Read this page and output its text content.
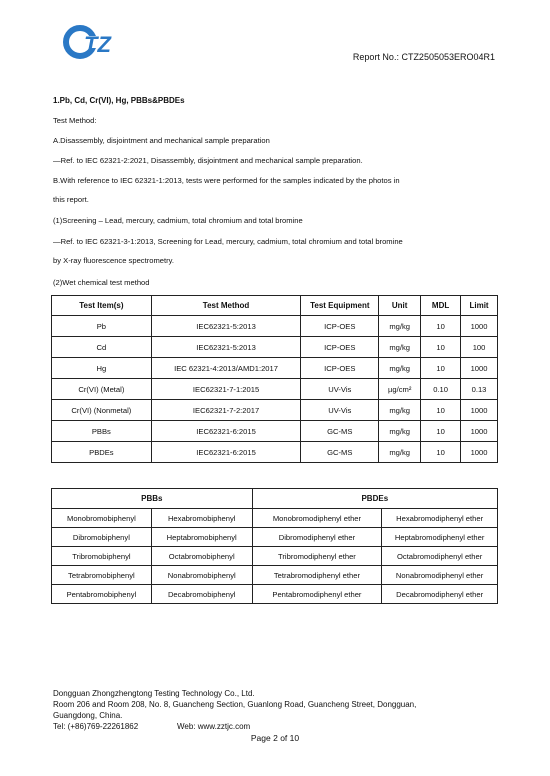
TZ	Report No.: CTZ2505053ERO04R1
1.Pb, Cd, Cr(VI), Hg, PBBs&PBDEs
Test Method:
A.Disassembly, disjointment and mechanical sample preparation
—Ref. to IEC 62321-2:2021, Disassembly, disjointment and mechanical sample preparation.
B.With reference to IEC 62321-1:2013, tests were performed for the samples indicated by the photos in
this report.
(1)Screening – Lead, mercury, cadmium, total chromium and total bromine
—Ref. to IEC 62321-3-1:2013, Screening for Lead, mercury, cadmium, total chromium and total bromine
by X-ray fluorescence spectrometry.
(2)Wet chemical test method
Test Item(s)	Test Method	Test Equipment	Unit	MDL	Limit
Pb	IEC62321-5:2013	ICP-OES	mg/kg	10	1000
Cd	IEC62321-5:2013	ICP-OES	mg/kg	10	100
Hg	IEC 62321-4:2013/AMD1:2017	ICP-OES	mg/kg	10	1000
Cr(VI) (Metal)	IEC62321-7-1:2015	UV-Vis	µg/cm²	0.10	0.13
Cr(VI) (Nonmetal)	IEC62321-7-2:2017	UV-Vis	mg/kg	10	1000
PBBs	IEC62321-6:2015	GC-MS	mg/kg	10	1000
PBDEs	IEC62321-6:2015	GC-MS	mg/kg	10	1000
PBBs		PBDEs	
Monobromobiphenyl	Hexabromobiphenyl	Monobromodiphenyl ether	Hexabromodiphenyl ether
Dibromobiphenyl	Heptabromobiphenyl	Dibromodiphenyl ether	Heptabromodiphenyl ether
Tribromobiphenyl	Octabromobiphenyl	Tribromodiphenyl ether	Octabromodiphenyl ether
Tetrabromobiphenyl	Nonabromobiphenyl	Tetrabromodiphenyl ether	Nonabromodiphenyl ether
Pentabromobiphenyl	Decabromobiphenyl	Pentabromodiphenyl ether	Decabromodiphenyl ether
Dongguan Zhongzhengtong Testing Technology Co., Ltd.
Room 206 and Room 208, No. 8, Guancheng Section, Guanlong Road, Guancheng Street, Dongguan,
Guangdong, China.
Tel: (+86)769-22261862	Web: www.zztjc.com
Page 2 of 10
